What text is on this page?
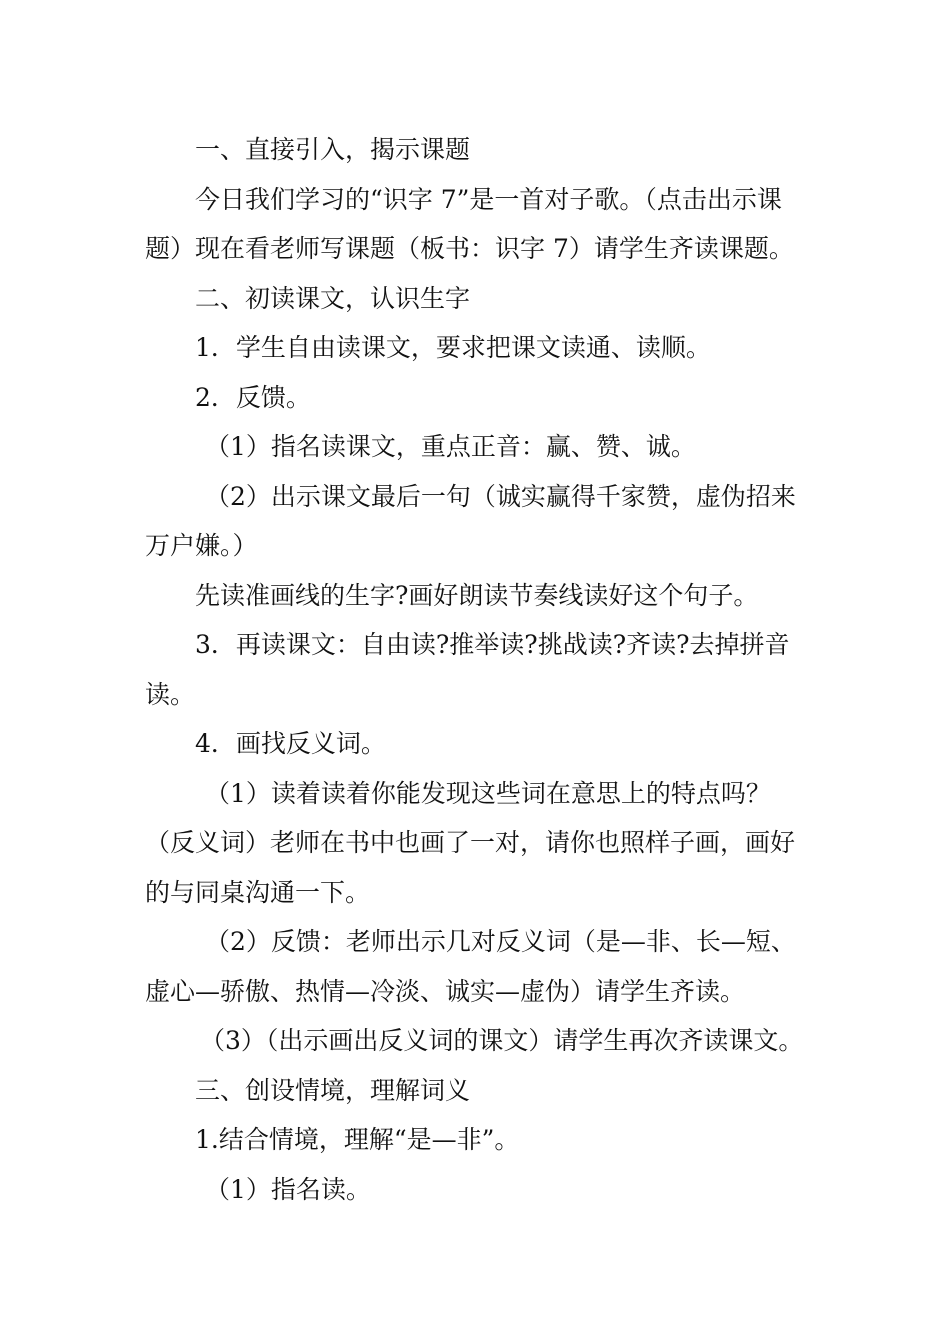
一、直接引入，揭示课题

今日我们学习的“识字 7”是一首对子歌。（点击出示课题）现在看老师写课题（板书：识字 7）请学生齐读课题。

二、初读课文，认识生字

1．学生自由读课文，要求把课文读通、读顺。

2．反馈。

（1）指名读课文，重点正音：赢、赞、诚。

（2）出示课文最后一句（诚实赢得千家赞，虚伪招来万户嫌。）

先读准画线的生字?画好朗读节奏线读好这个句子。

3．再读课文：自由读?推举读?挑战读?齐读?去掉拼音读。

4．画找反义词。

（1）读着读着你能发现这些词在意思上的特点吗？（反义词）老师在书中也画了一对，请你也照样子画，画好的与同桌沟通一下。

（2）反馈：老师出示几对反义词（是—非、长—短、虚心—骄傲、热情—冷淡、诚实—虚伪）请学生齐读。

（3）（出示画出反义词的课文）请学生再次齐读课文。

三、创设情境，理解词义

1.结合情境，理解“是—非”。

（1）指名读。
